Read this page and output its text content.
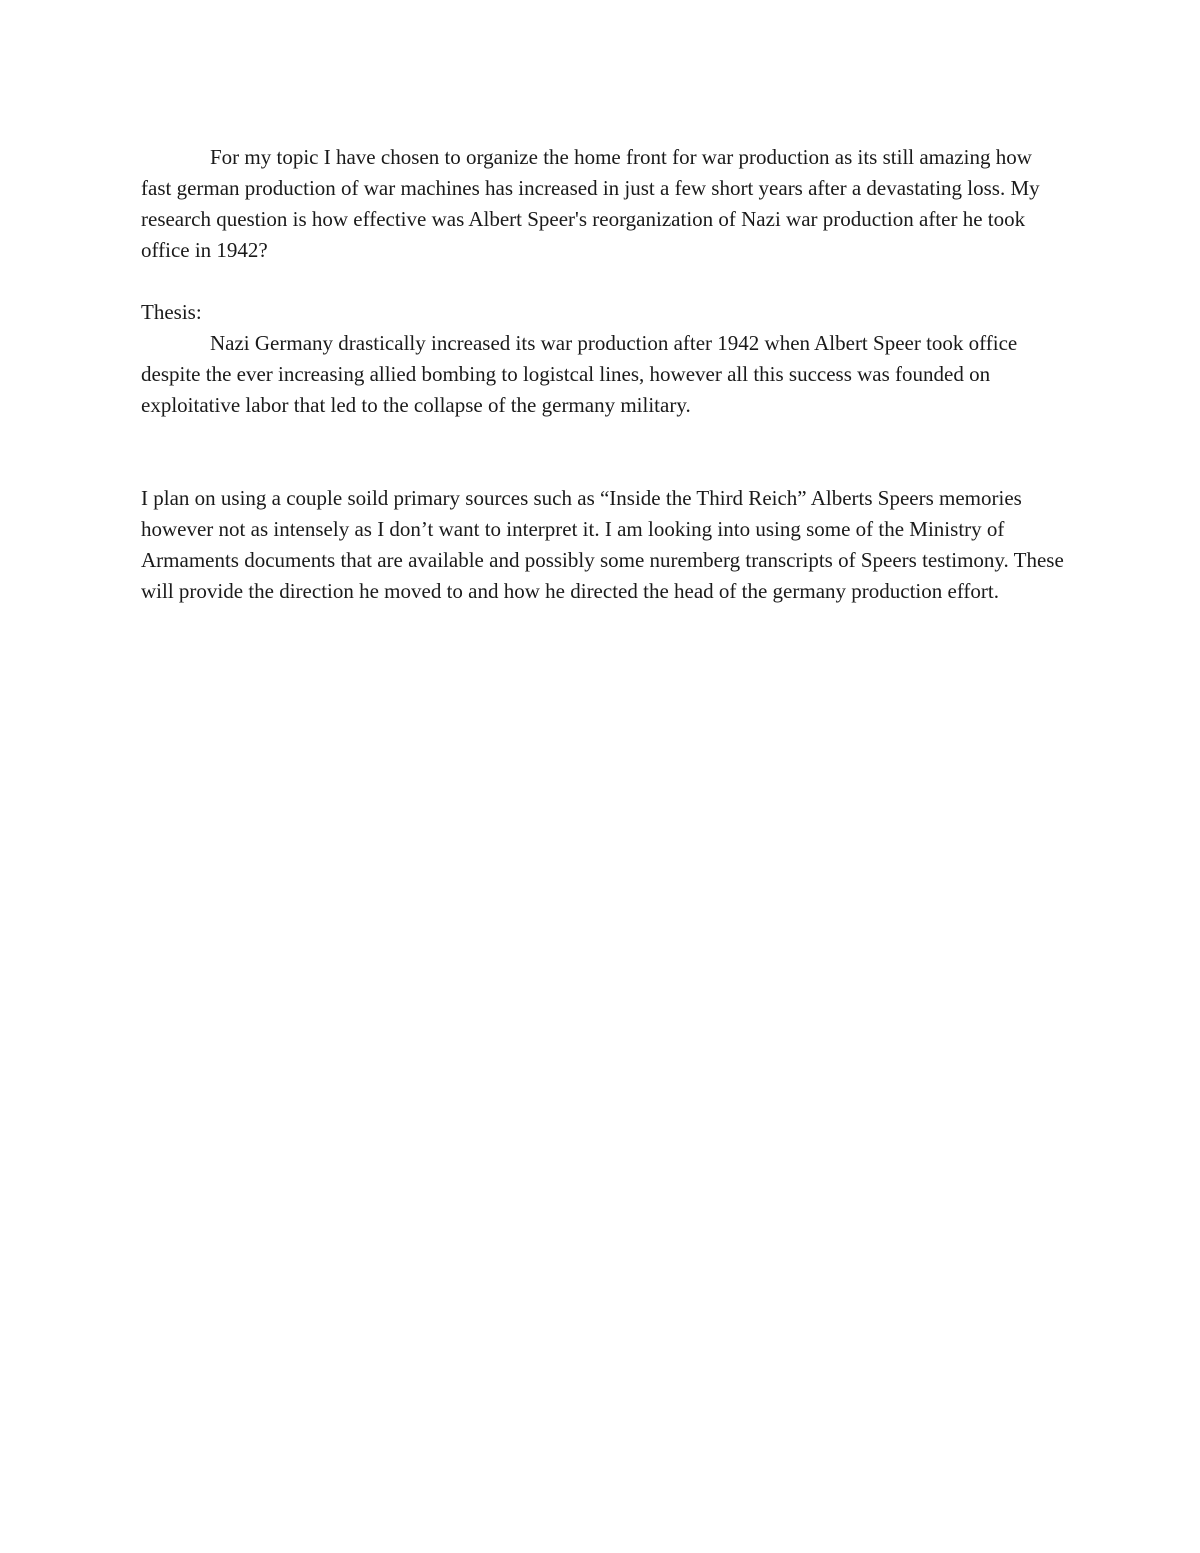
For my topic I have chosen to organize the home front for war production as its still amazing how fast german production of war machines has increased in just a few short years after a devastating loss. My research question is how effective was Albert Speer's reorganization of Nazi war production after he took office in 1942?

Thesis:

Nazi Germany drastically increased its war production after 1942 when Albert Speer took office despite the ever increasing allied bombing to logistcal lines, however all this success was founded on exploitative labor that led to the collapse of the germany military.

I plan on using a couple soild primary sources such as “Inside the Third Reich” Alberts Speers memories however not as intensely as I don’t want to interpret it. I am looking into using some of the Ministry of Armaments documents that are available and possibly some nuremberg transcripts of Speers testimony. These will provide the direction he moved to and how he directed the head of the germany production effort.
